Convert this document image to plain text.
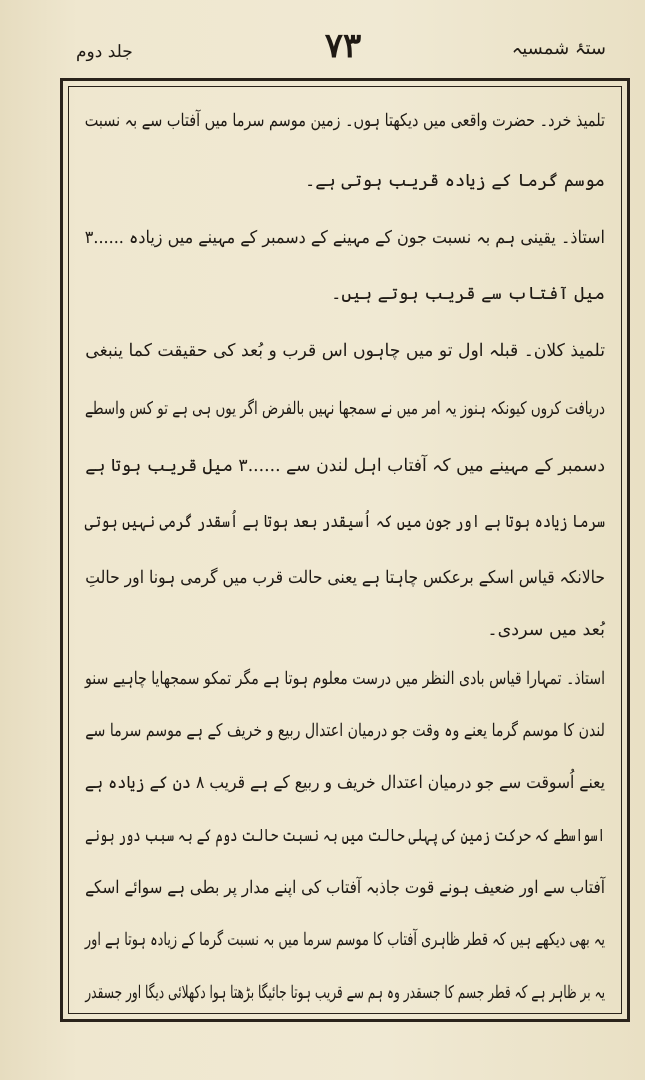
جلد دوم	۷۳	ستۂ شمسیہ
تلمیذ خرد۔ حضرت واقعی میں دیکھتا ہوں۔ زمین موسم سرما میں آفتاب سے بہ نسبت
موسم گرما کے زیادہ قریب ہوتی ہے۔
استاذ۔ یقینی ہم بہ نسبت جون کے مہینے کے دسمبر کے مہینے میں زیادہ ......۳
میل آفتاب سے قریب ہوتے ہیں۔
تلمیذ کلان۔ قبلہ اول تو میں چاہوں اس قرب و بُعد کی حقیقت کما ینبغی
دریافت کروں کیونکہ ہنوز یہ امر میں نے سمجھا نہیں بالفرض اگر یوں ہی ہے تو کس واسطے
دسمبر کے مہینے میں کہ آفتاب اہل لندن سے ......۳ میل قریب ہوتا ہے
سرما زیادہ ہوتا ہے اور جون میں کہ اُسیقدر بعد ہوتا ہے اُسقدر گرمی نہیں ہوتی
حالانکہ قیاس اسکے برعکس چاہتا ہے یعنی حالت قرب میں گرمی ہونا اور حالتِ
بُعد میں سردی۔
استاذ۔ تمہارا قیاس بادی النظر میں درست معلوم ہوتا ہے مگر تمکو سمجھایا چاہیے سنو
لندن کا موسم گرما یعنے وہ وقت جو درمیان اعتدال ربیع و خریف کے ہے موسم سرما سے
یعنے اُسوقت سے جو درمیان اعتدال خریف و ربیع کے ہے قریب ۸ دن کے زیادہ ہے
اسواسطے کہ حرکت زمین کی پہلی حالت میں بہ نسبت حالت دوم کے بہ سبب دور ہونے
آفتاب سے اور ضعیف ہونے قوت جاذبہ آفتاب کی اپنے مدار پر بطی ہے سوائے اسکے
یہ بھی دیکھے ہیں کہ قطر ظاہری آفتاب کا موسم سرما میں بہ نسبت گرما کے زیادہ ہوتا ہے اور
یہ بر ظاہر ہے کہ قطر جسم کا جسقدر وہ ہم سے قریب ہوتا جائیگا بڑھتا ہوا دکھلائی دیگا اور جسقدر
